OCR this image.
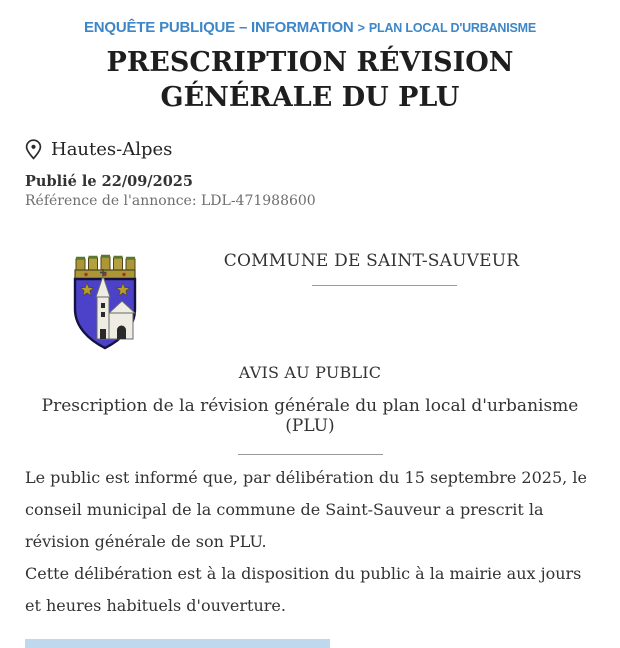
ENQUÊTE PUBLIQUE – INFORMATION > PLAN LOCAL D'URBANISME
PRESCRIPTION RÉVISION GÉNÉRALE DU PLU
Hautes-Alpes
Publié le 22/09/2025
Référence de l'annonce: LDL-471988600
COMMUNE DE SAINT-SAUVEUR
AVIS AU PUBLIC
Prescription de la révision générale du plan local d'urbanisme (PLU)

Le public est informé que, par délibération du 15 septembre 2025, le conseil municipal de la commune de Saint-Sauveur a prescrit la révision générale de son PLU.

Cette délibération est à la disposition du public à la mairie aux jours et heures habituels d'ouverture.
